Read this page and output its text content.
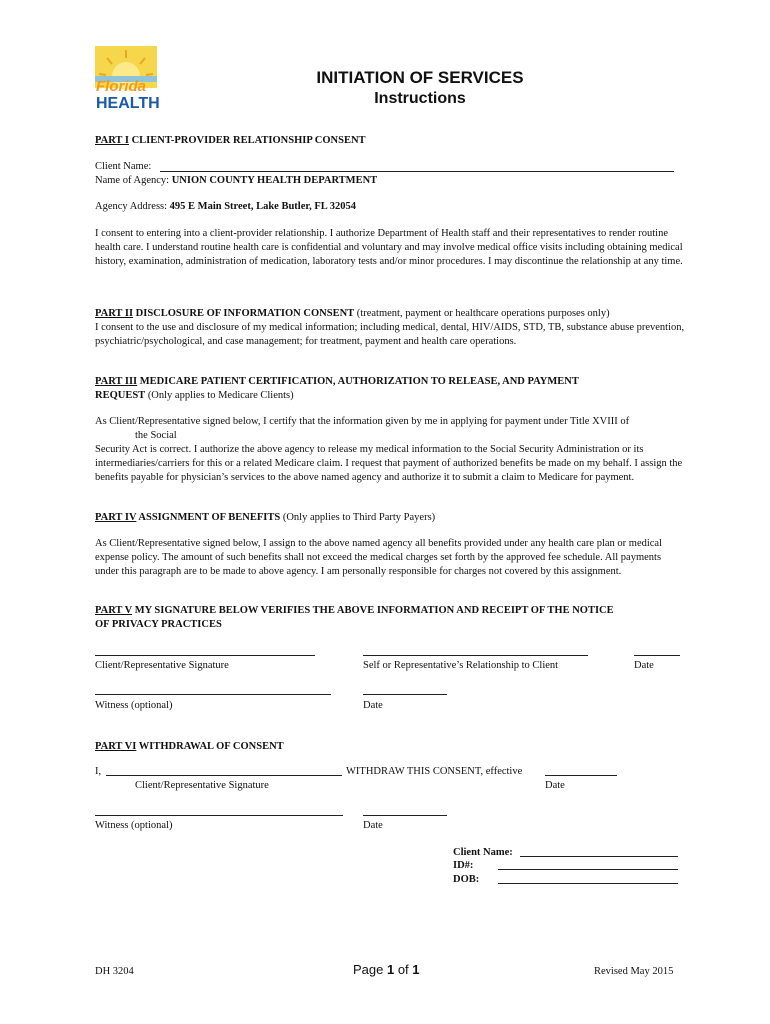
Florida
HEALTH
INITIATION OF SERVICES
Instructions
PART I CLIENT-PROVIDER RELATIONSHIP CONSENT
Client Name:
Name of Agency: UNION COUNTY HEALTH DEPARTMENT
Agency Address: 495 E Main Street, Lake Butler, FL 32054
I consent to entering into a client-provider relationship. I authorize Department of Health staff and their representatives to render routine health care. I understand routine health care is confidential and voluntary and may involve medical office visits including obtaining medical history, examination, administration of medication, laboratory tests and/or minor procedures. I may discontinue the relationship at any time.
PART II DISCLOSURE OF INFORMATION CONSENT (treatment, payment or healthcare operations purposes only)
I consent to the use and disclosure of my medical information; including medical, dental, HIV/AIDS, STD, TB, substance abuse prevention, psychiatric/psychological, and case management; for treatment, payment and health care operations.
PART III MEDICARE PATIENT CERTIFICATION, AUTHORIZATION TO RELEASE, AND PAYMENT
REQUEST (Only applies to Medicare Clients)
As Client/Representative signed below, I certify that the information given by me in applying for payment under Title XVIII of
the Social
Security Act is correct. I authorize the above agency to release my medical information to the Social Security Administration or its intermediaries/carriers for this or a related Medicare claim. I request that payment of authorized benefits be made on my behalf. I assign the benefits payable for physician’s services to the above named agency and authorize it to submit a claim to Medicare for payment.
PART IV ASSIGNMENT OF BENEFITS (Only applies to Third Party Payers)
As Client/Representative signed below, I assign to the above named agency all benefits provided under any health care plan or medical expense policy. The amount of such benefits shall not exceed the medical charges set forth by the approved fee schedule. All payments under this paragraph are to be made to above agency. I am personally responsible for charges not covered by this assignment.
PART V MY SIGNATURE BELOW VERIFIES THE ABOVE INFORMATION AND RECEIPT OF THE NOTICE
OF PRIVACY PRACTICES
Client/Representative Signature	Self or Representative’s Relationship to Client	Date
Witness (optional)	Date
PART VI WITHDRAWAL OF CONSENT
I,	WITHDRAW THIS CONSENT, effective
Client/Representative Signature	Date
Witness (optional)	Date
Client Name:
ID#:
DOB:
DH 3204	Page 1 of 1	Revised May 2015
